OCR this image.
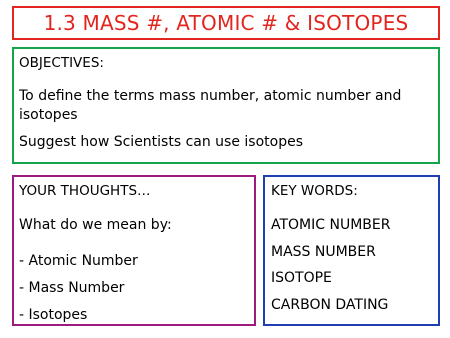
1.3 MASS #, ATOMIC # & ISOTOPES
OBJECTIVES:
To define the terms mass number, atomic number and isotopes
Suggest how Scientists can use isotopes
YOUR THOUGHTS…
What do we mean by:
- Atomic Number
- Mass Number
- Isotopes
KEY WORDS:
ATOMIC NUMBER
MASS NUMBER
ISOTOPE
CARBON DATING
